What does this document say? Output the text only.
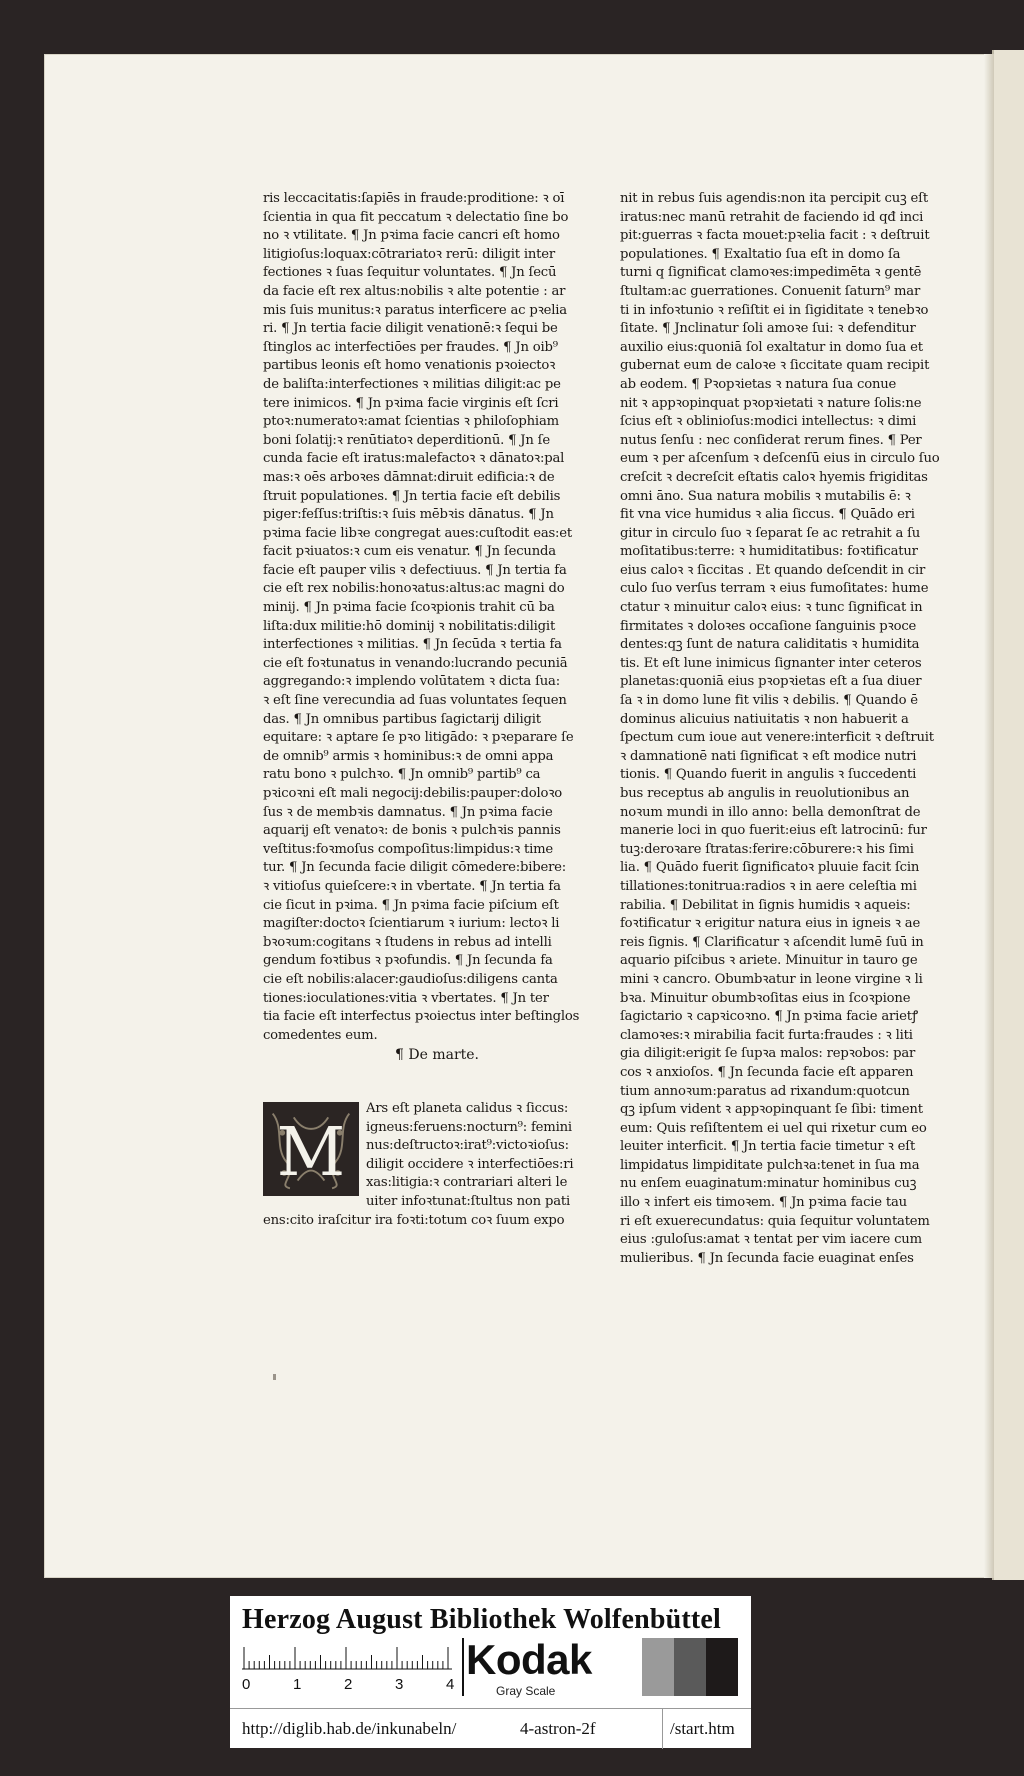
ris leccacitatis:ſapiēs in fraude:proditione: ꝛ oī
ſcientia in qua fit peccatum ꝛ delectatio ſine bo
no ꝛ vtilitate. ¶ Jn pꝛima facie cancri eſt homo
litigioſus:loquax:cōtrariatoꝛ rerū: diligit inter
fectiones ꝛ ſuas ſequitur voluntates. ¶ Jn ſecū
da facie eſt rex altus:nobilis ꝛ alte potentie : ar
mis ſuis munitus:ꝛ paratus interficere ac pꝛelia
ri. ¶ Jn tertia facie diligit venationē:ꝛ ſequi be
ſtinglos ac interfectiōes per fraudes. ¶ Jn oib⁹
partibus leonis eſt homo venationis pꝛoiectoꝛ
de baliſta:interfectiones ꝛ militias diligit:ac pe
tere inimicos. ¶ Jn pꝛima facie virginis eſt ſcri
ptoꝛ:numeratoꝛ:amat ſcientias ꝛ philoſophiam
boni ſolatij:ꝛ renūtiatoꝛ deperditionū. ¶ Jn ſe
cunda facie eſt iratus:malefactoꝛ ꝛ dānatoꝛ:pal
mas:ꝛ oēs arboꝛes dāmnat:diruit edificia:ꝛ de
ſtruit populationes. ¶ Jn tertia facie eſt debilis
piger:feſſus:triſtis:ꝛ ſuis mēbꝛis dānatus. ¶ Jn
pꝛima facie libꝛe congregat aues:cuſtodit eas:et
facit pꝛiuatos:ꝛ cum eis venatur. ¶ Jn ſecunda
facie eſt pauper vilis ꝛ defectiuus. ¶ Jn tertia fa
cie eſt rex nobilis:honoꝛatus:altus:ac magni do
minij. ¶ Jn pꝛima facie ſcoꝛpionis trahit cū ba
liſta:dux militie:hō dominij ꝛ nobilitatis:diligit
interfectiones ꝛ militias. ¶ Jn ſecūda ꝛ tertia fa
cie eſt foꝛtunatus in venando:lucrando pecuniā
aggregando:ꝛ implendo volūtatem ꝛ dicta ſua:
ꝛ eſt ſine verecundia ad ſuas voluntates ſequen
das. ¶ Jn omnibus partibus ſagictarij diligit
equitare: ꝛ aptare ſe pꝛo litigādo: ꝛ pꝛeparare ſe
de omnib⁹ armis ꝛ hominibus:ꝛ de omni appa
ratu bono ꝛ pulchꝛo. ¶ Jn omnib⁹ partib⁹ ca
pꝛicoꝛni eſt mali negocij:debilis:pauper:doloꝛo
ſus ꝛ de membꝛis damnatus. ¶ Jn pꝛima facie
aquarij eſt venatoꝛ: de bonis ꝛ pulchꝛis pannis
veſtitus:foꝛmoſus compoſitus:limpidus:ꝛ time
tur. ¶ Jn ſecunda facie diligit cōmedere:bibere:
ꝛ vitioſus quieſcere:ꝛ in vbertate. ¶ Jn tertia fa
cie ſicut in pꝛima. ¶ Jn pꝛima facie piſcium eſt
magiſter:doctoꝛ ſcientiarum ꝛ iurium: lectoꝛ li
bꝛoꝛum:cogitans ꝛ ſtudens in rebus ad intelli
gendum foꝛtibus ꝛ pꝛofundis. ¶ Jn ſecunda fa
cie eſt nobilis:alacer:gaudioſus:diligens canta
tiones:ioculationes:vitia ꝛ vbertates. ¶ Jn ter
tia facie eſt interfectus pꝛoiectus inter beſtinglos
comedentes eum.
¶ De marte.
M
Ars eſt planeta calidus ꝛ ſiccus:
igneus:feruens:nocturn⁹: femini
nus:deſtructoꝛ:irat⁹:victoꝛioſus:
diligit occidere ꝛ interfectiōes:ri
xas:litigia:ꝛ contrariari alteri le
uiter infoꝛtunat:ſtultus non pati
ens:cito iraſcitur ira foꝛti:totum coꝛ ſuum expo
nit in rebus ſuis agendis:non ita percipit cuꝫ eſt
iratus:nec manū retrahit de faciendo id qđ inci
pit:guerras ꝛ facta mouet:pꝛelia facit : ꝛ deſtruit
populationes. ¶ Exaltatio ſua eſt in domo ſa
turni q ſignificat clamoꝛes:impedimēta ꝛ gentē
ſtultam:ac guerrationes. Conuenit ſaturn⁹ mar
ti in infoꝛtunio ꝛ reſiſtit ei in ſigiditate ꝛ tenebꝛo
ſitate. ¶ Jnclinatur ſoli amoꝛe ſui: ꝛ defenditur
auxilio eius:quoniā ſol exaltatur in domo ſua et
gubernat eum de caloꝛe ꝛ ſiccitate quam recipit
ab eodem. ¶ Pꝛopꝛietas ꝛ natura ſua conue
nit ꝛ appꝛopinquat pꝛopꝛietati ꝛ nature ſolis:ne
ſcius eſt ꝛ oblinioſus:modici intellectus: ꝛ dimi
nutus ſenſu : nec conſiderat rerum fines. ¶ Per
eum ꝛ per aſcenſum ꝛ deſcenſū eius in circulo ſuo
creſcit ꝛ decreſcit eſtatis caloꝛ hyemis frigiditas
omni āno. Sua natura mobilis ꝛ mutabilis ē: ꝛ
fit vna vice humidus ꝛ alia ſiccus. ¶ Quādo eri
gitur in circulo ſuo ꝛ ſeparat ſe ac retrahit a ſu
moſitatibus:terre: ꝛ humiditatibus: foꝛtificatur
eius caloꝛ ꝛ ſiccitas . Et quando deſcendit in cir
culo ſuo verſus terram ꝛ eius fumoſitates: hume
ctatur ꝛ minuitur caloꝛ eius: ꝛ tunc ſignificat in
firmitates ꝛ doloꝛes occaſione ſanguinis pꝛoce
dentes:qꝫ ſunt de natura caliditatis ꝛ humidita
tis. Et eſt lune inimicus ſignanter inter ceteros
planetas:quoniā eius pꝛopꝛietas eſt a ſua diuer
ſa ꝛ in domo lune fit vilis ꝛ debilis. ¶ Quando ē
dominus alicuius natiuitatis ꝛ non habuerit a
ſpectum cum ioue aut venere:interficit ꝛ deſtruit
ꝛ damnationē nati ſignificat ꝛ eſt modice nutri
tionis. ¶ Quando fuerit in angulis ꝛ ſuccedenti
bus receptus ab angulis in reuolutionibus an
noꝛum mundi in illo anno: bella demonſtrat de
manerie loci in quo fuerit:eius eſt latrocinū: fur
tuꝫ:deroꝛare ſtratas:ferire:cōburere:ꝛ his ſimi
lia. ¶ Quādo fuerit ſignificatoꝛ pluuie facit ſcin
tillationes:tonitrua:radios ꝛ in aere celeſtia mi
rabilia. ¶ Debilitat in ſignis humidis ꝛ aqueis:
foꝛtificatur ꝛ erigitur natura eius in igneis ꝛ ae
reis ſignis. ¶ Clarificatur ꝛ aſcendit lumē ſuū in
aquario piſcibus ꝛ ariete. Minuitur in tauro ge
mini ꝛ cancro. Obumbꝛatur in leone virgine ꝛ li
bꝛa. Minuitur obumbꝛoſitas eius in ſcoꝛpione
ſagictario ꝛ capꝛicoꝛno. ¶ Jn pꝛima facie arietꝭ
clamoꝛes:ꝛ mirabilia facit furta:fraudes : ꝛ liti
gia diligit:erigit ſe ſupꝛa malos: repꝛobos: par
cos ꝛ anxioſos. ¶ Jn ſecunda facie eſt apparen
tium annoꝛum:paratus ad rixandum:quotcun
qꝫ ipſum vident ꝛ appꝛopinquant ſe ſibi: timent
eum: Quis reſiſtentem ei uel qui rixetur cum eo
leuiter interficit. ¶ Jn tertia facie timetur ꝛ eſt
limpidatus limpiditate pulchꝛa:tenet in ſua ma
nu enſem euaginatum:minatur hominibus cuꝫ
illo ꝛ infert eis timoꝛem. ¶ Jn pꝛima facie tau
ri eſt exuerecundatus: quia ſequitur voluntatem
eius :guloſus:amat ꝛ tentat per vim iacere cum
mulieribus. ¶ Jn ſecunda facie euaginat enſes
Herzog August Bibliothek Wolfenbüttel
0	1	2	3	4
Kodak
Gray Scale
http://diglib.hab.de/inkunabeln/	4-astron-2f	/start.htm
